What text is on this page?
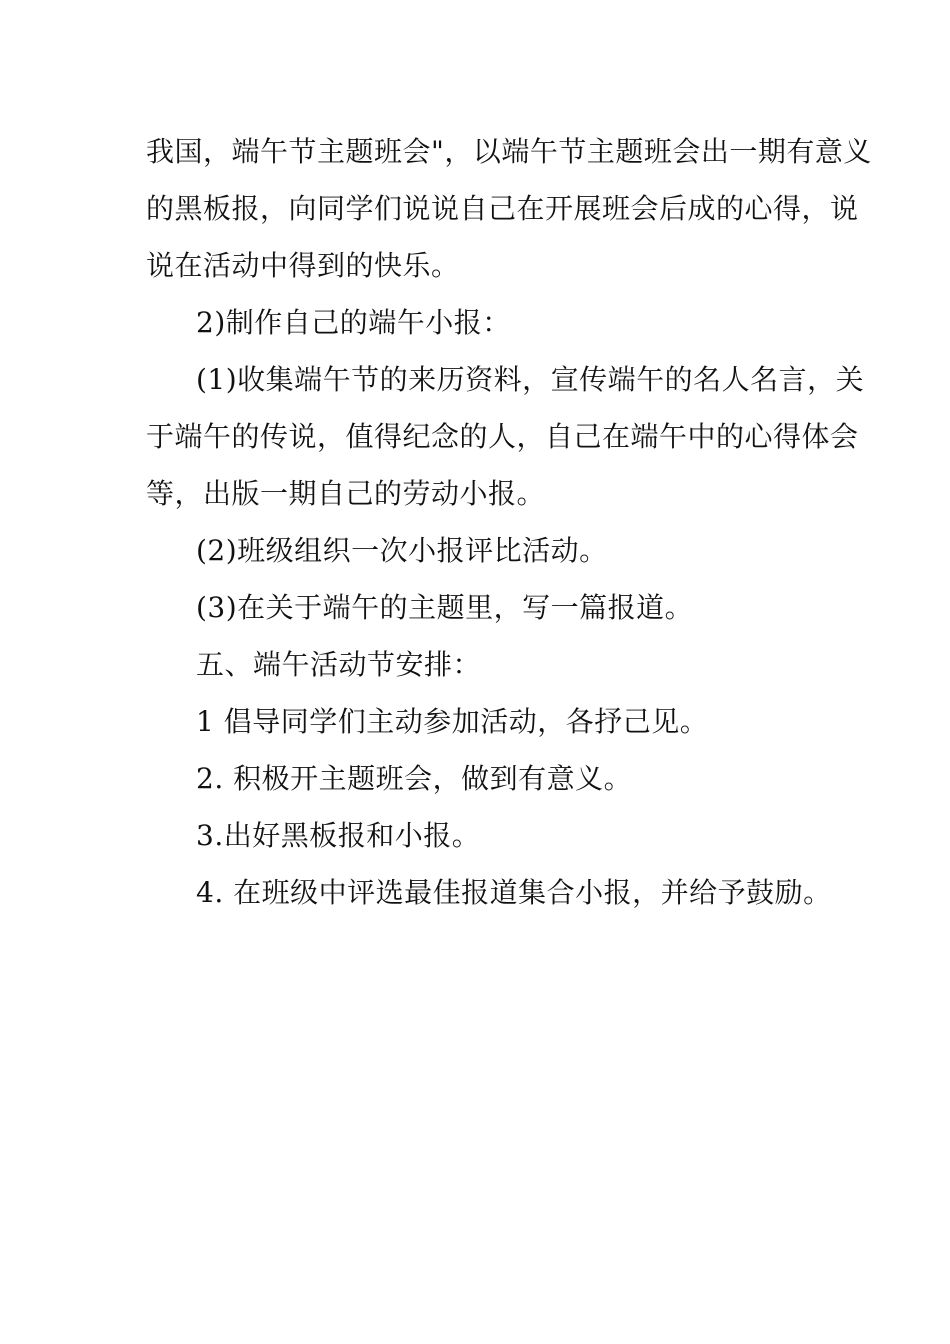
我国，端午节主题班会"，以端午节主题班会出一期有意义
的黑板报，向同学们说说自己在开展班会后成的心得，说
说在活动中得到的快乐。
2)制作自己的端午小报：
(1)收集端午节的来历资料，宣传端午的名人名言，关
于端午的传说，值得纪念的人，自己在端午中的心得体会
等，出版一期自己的劳动小报。
(2)班级组织一次小报评比活动。
(3)在关于端午的主题里，写一篇报道。
五、端午活动节安排：
1 倡导同学们主动参加活动，各抒己见。
2. 积极开主题班会，做到有意义。
3.出好黑板报和小报。
4. 在班级中评选最佳报道集合小报，并给予鼓励。
